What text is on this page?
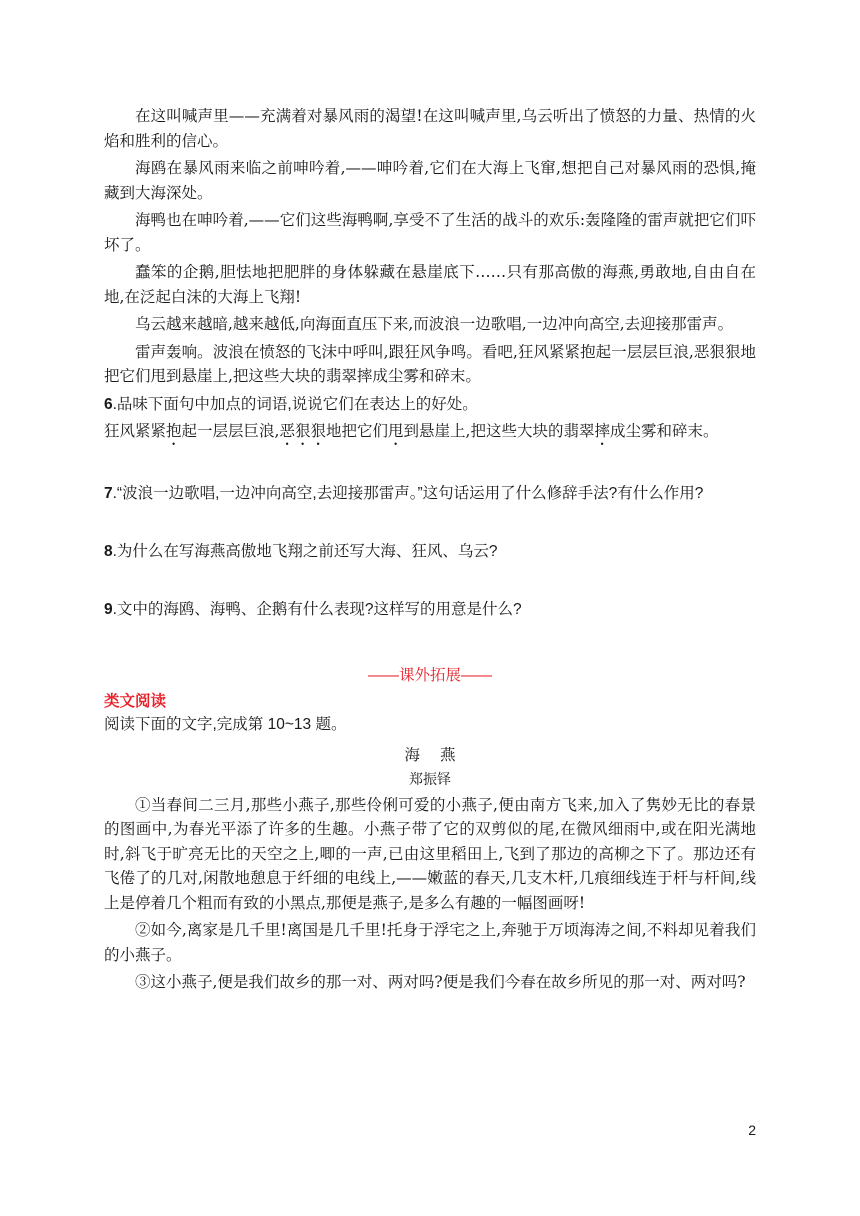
在这叫喊声里——充满着对暴风雨的渴望!在这叫喊声里,乌云听出了愤怒的力量、热情的火焰和胜利的信心。

海鸥在暴风雨来临之前呻吟着,——呻吟着,它们在大海上飞窜,想把自己对暴风雨的恐惧,掩藏到大海深处。

海鸭也在呻吟着,——它们这些海鸭啊,享受不了生活的战斗的欢乐:轰隆隆的雷声就把它们吓坏了。

蠢笨的企鹅,胆怯地把肥胖的身体躲藏在悬崖底下……只有那高傲的海燕,勇敢地,自由自在地,在泛起白沫的大海上飞翔!

乌云越来越暗,越来越低,向海面直压下来,而波浪一边歌唱,一边冲向高空,去迎接那雷声。

雷声轰响。波浪在愤怒的飞沫中呼叫,跟狂风争鸣。看吧,狂风紧紧抱起一层层巨浪,恶狠狠地把它们甩到悬崖上,把这些大块的翡翠摔成尘雾和碎末。

6.品味下面句中加点的词语,说说它们在表达上的好处。

狂风紧紧抱起一层层巨浪,恶狠狠地把它们甩到悬崖上,把这些大块的翡翠摔成尘雾和碎末。

7.“波浪一边歌唱,一边冲向高空,去迎接那雷声。”这句话运用了什么修辞手法?有什么作用?

8.为什么在写海燕高傲地飞翔之前还写大海、狂风、乌云?

9.文中的海鸥、海鸭、企鹅有什么表现?这样写的用意是什么?

——课外拓展——

类文阅读

阅读下面的文字,完成第 10~13 题。

海燕
郑振铎

①当春间二三月,那些小燕子,那些伶俐可爱的小燕子,便由南方飞来,加入了隽妙无比的春景的图画中,为春光平添了许多的生趣。小燕子带了它的双剪似的尾,在微风细雨中,或在阳光满地时,斜飞于旷亮无比的天空之上,唧的一声,已由这里稻田上,飞到了那边的高柳之下了。那边还有飞倦了的几对,闲散地憩息于纤细的电线上,——嫩蓝的春天,几支木杆,几痕细线连于杆与杆间,线上是停着几个粗而有致的小黑点,那便是燕子,是多么有趣的一幅图画呀!

②如今,离家是几千里!离国是几千里!托身于浮宅之上,奔驰于万顷海涛之间,不料却见着我们的小燕子。

③这小燕子,便是我们故乡的那一对、两对吗?便是我们今春在故乡所见的那一对、两对吗?

2
